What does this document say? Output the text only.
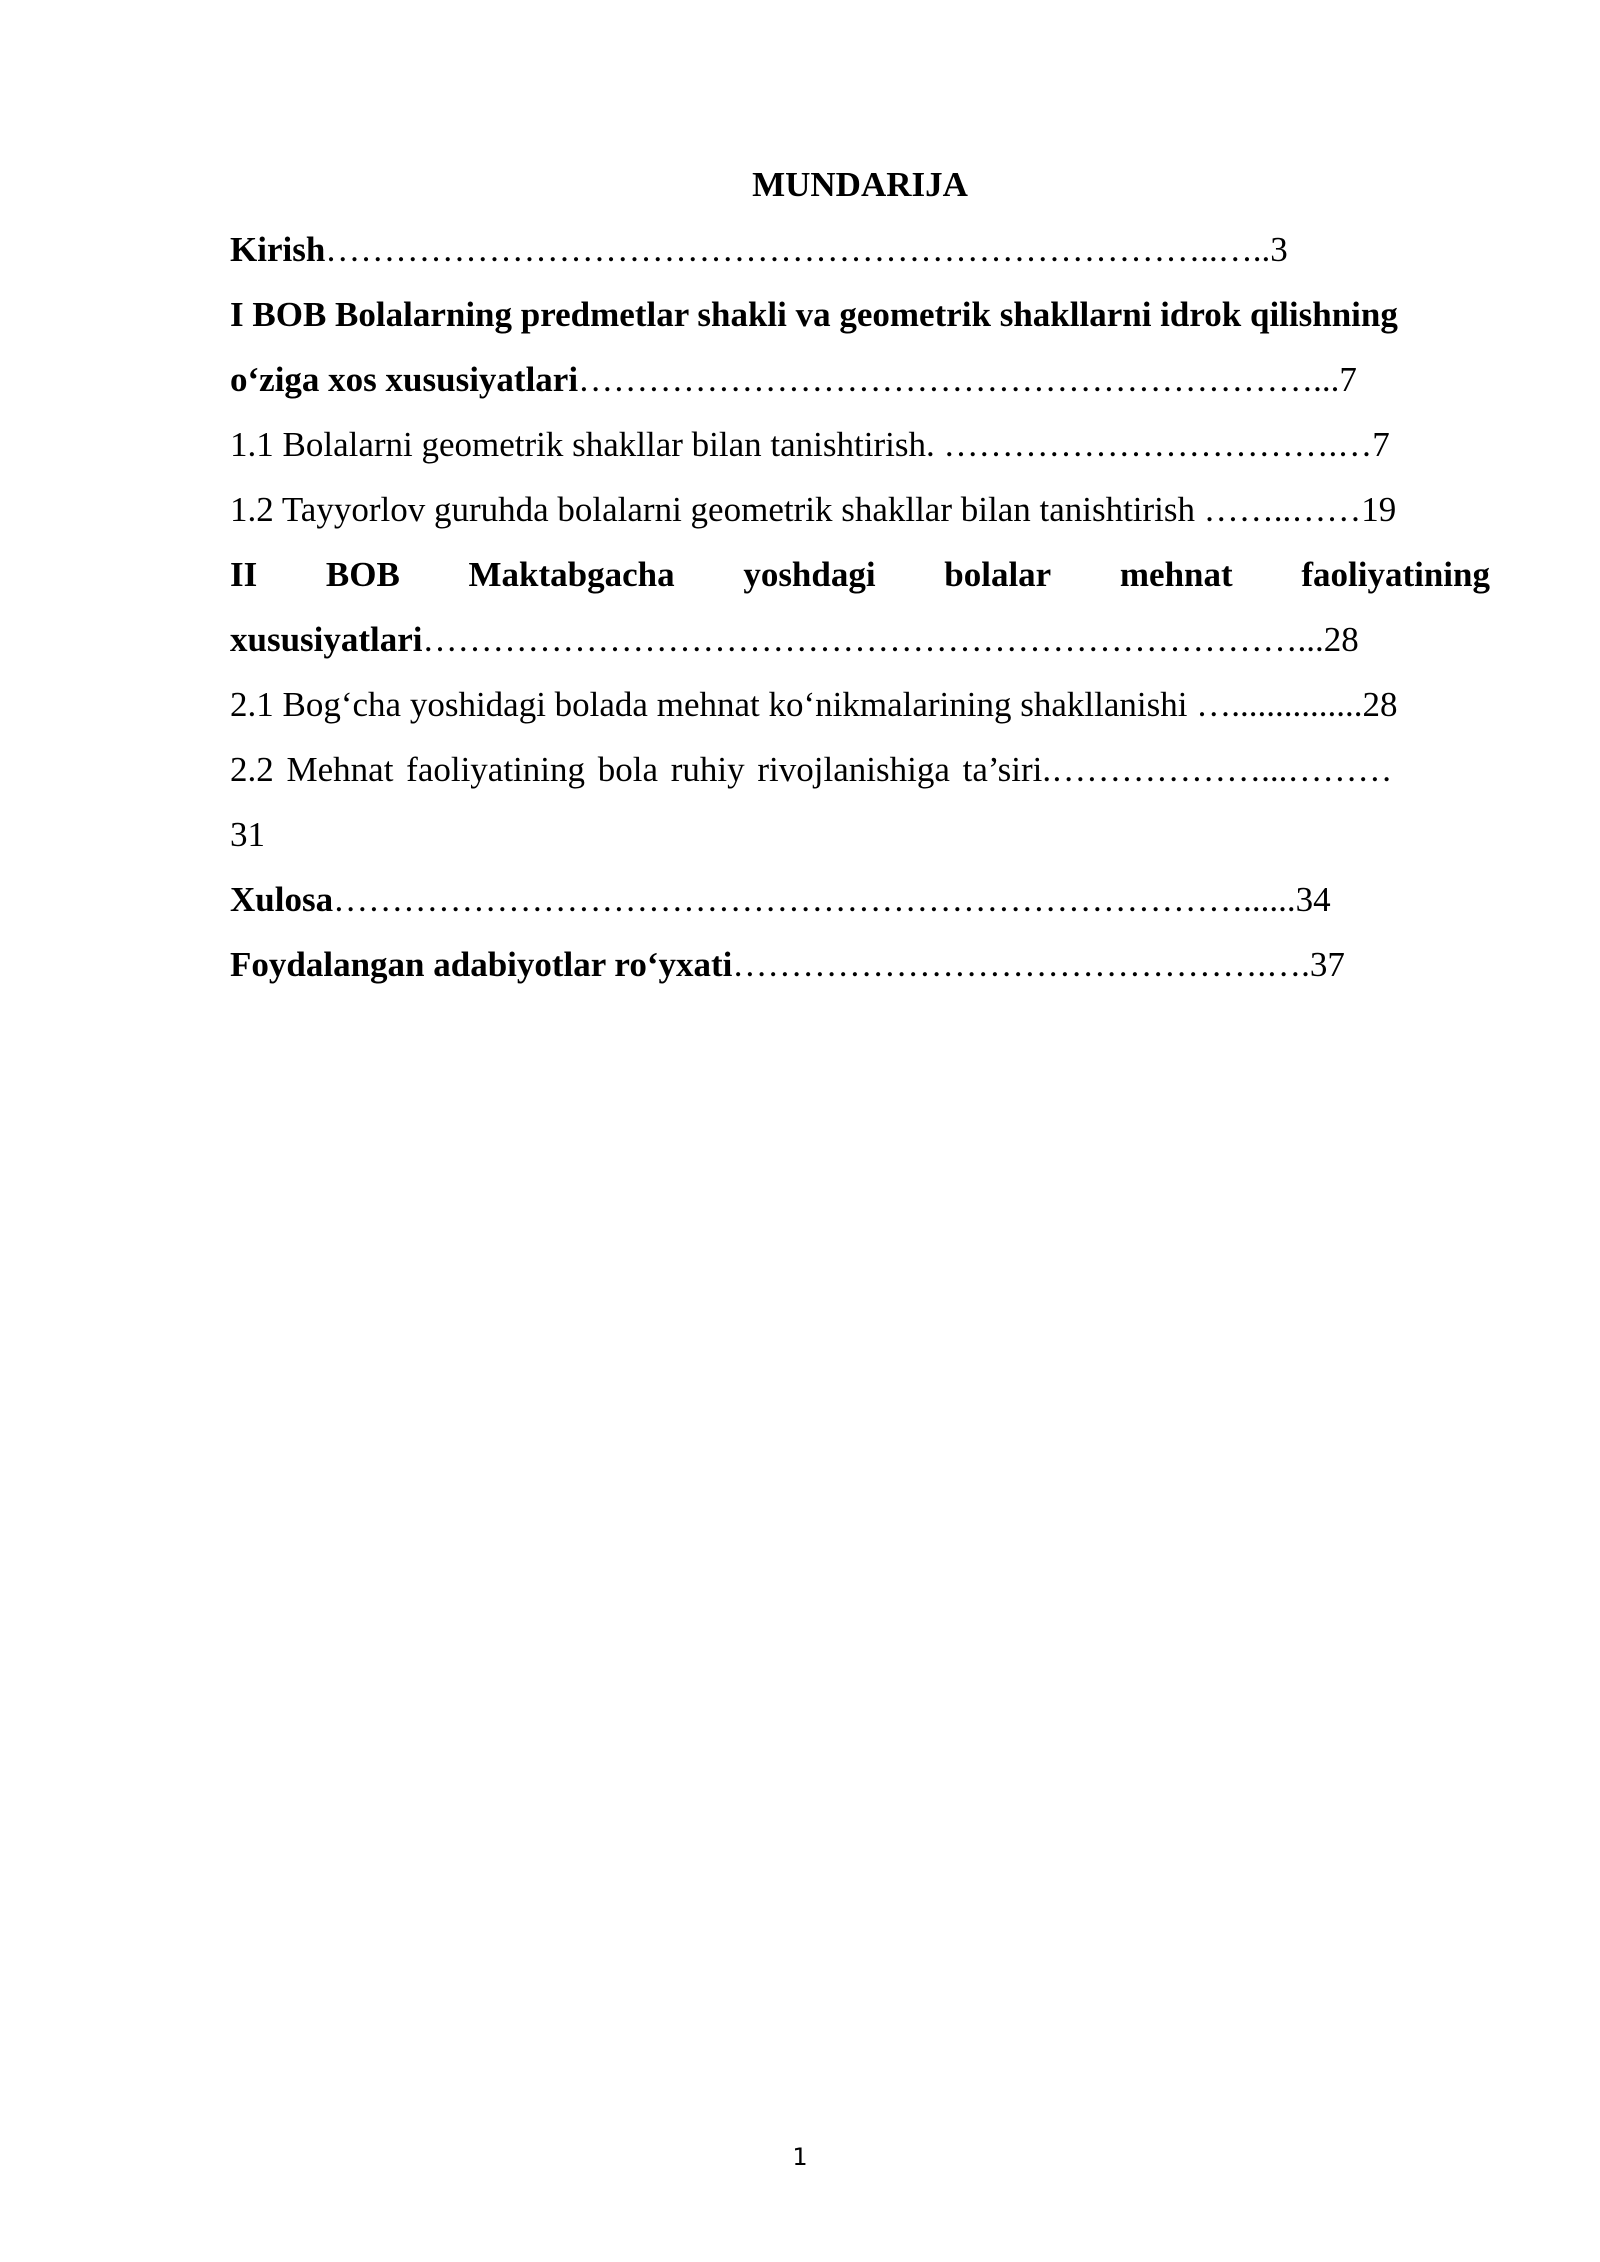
MUNDARIJA
Kirish…………………………………………………………………..…..3
I BOB Bolalarning predmetlar shakli va geometrik shakllarni idrok qilishning
o‘ziga xos xususiyatlari………………………………………………………...7
1.1 Bolalarni geometrik shakllar bilan tanishtirish. …………………………….…7
1.2 Tayyorlov guruhda bolalarni geometrik shakllar bilan tanishtirish ……..……19
II BOB Maktabgacha yoshdagi bolalar mehnat faoliyatining
xususiyatlari…………………………………………………………………...28
2.1 Bog‘cha yoshidagi bolada mehnat ko‘nikmalarining shakllanishi …...............28
2.2 Mehnat faoliyatining bola ruhiy rivojlanishiga ta’siri.………………...………
31
Xulosa……………………………………………………………………......34
Foydalangan adabiyotlar ro‘yxati……………………………………….….37
1
